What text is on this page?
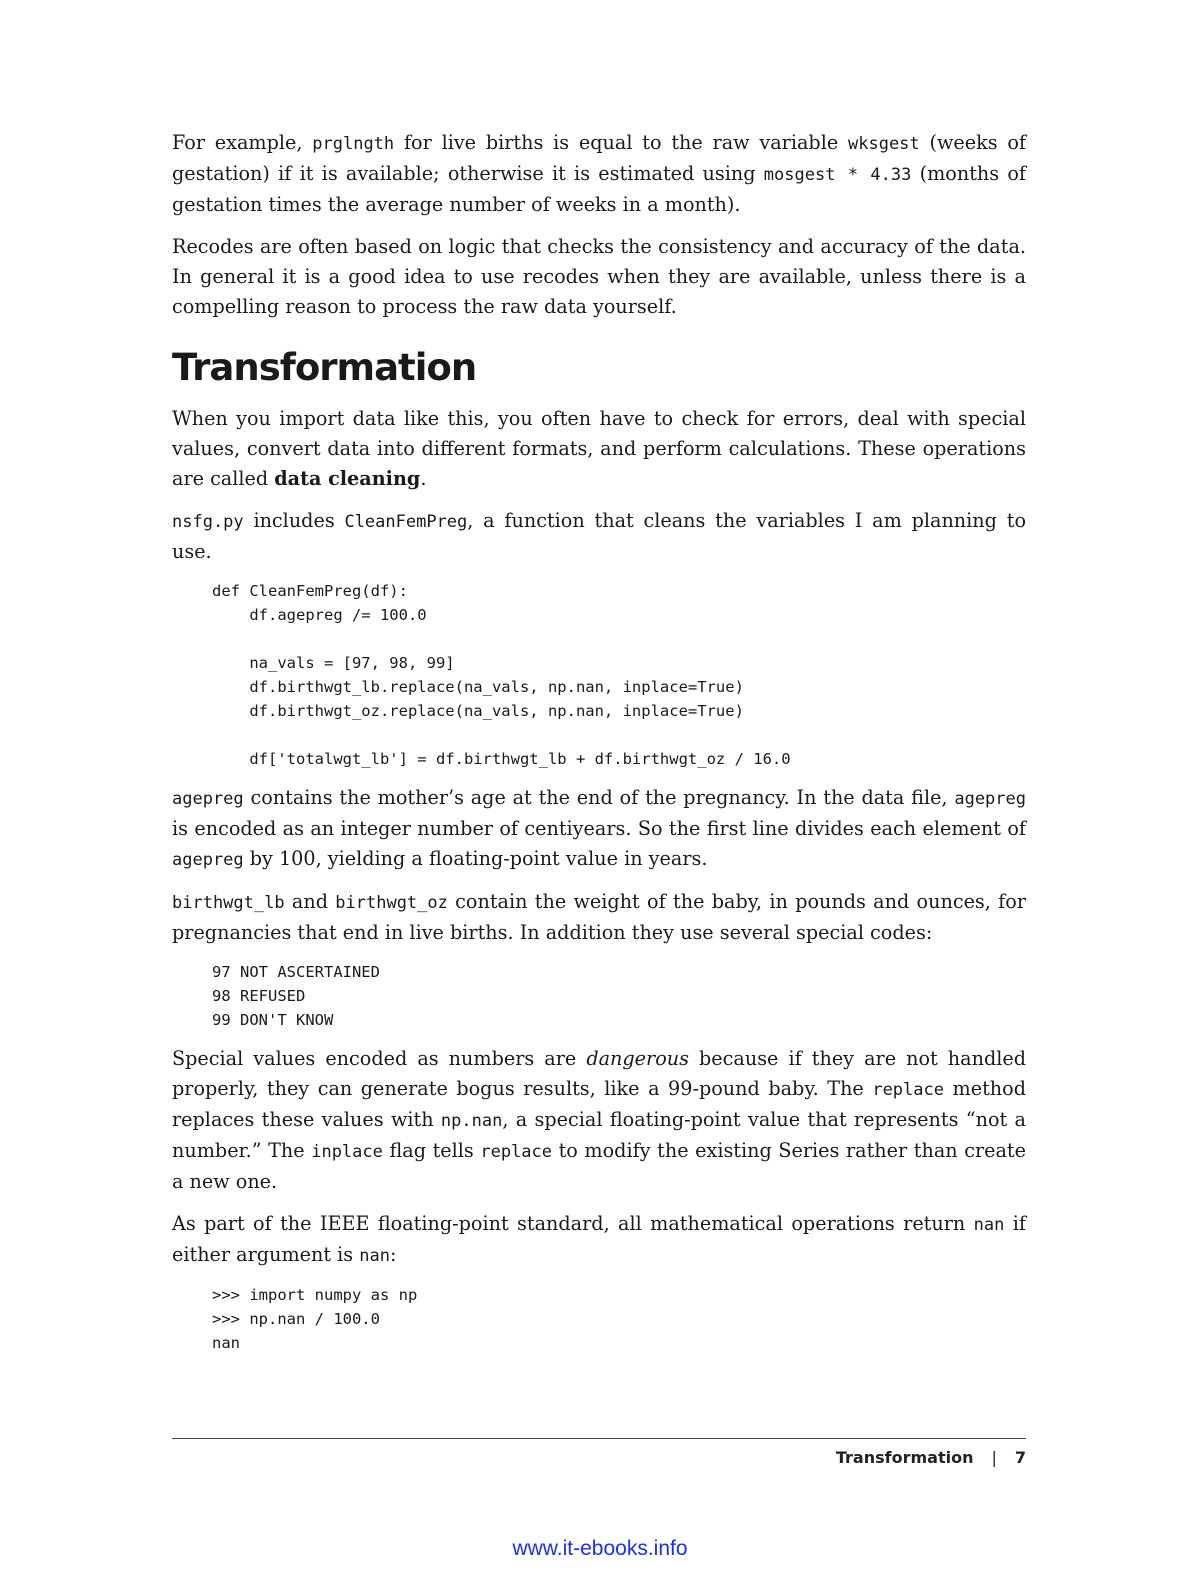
For example, prglngth for live births is equal to the raw variable wksgest (weeks of gestation) if it is available; otherwise it is estimated using mosgest * 4.33 (months of gestation times the average number of weeks in a month).

Recodes are often based on logic that checks the consistency and accuracy of the data. In general it is a good idea to use recodes when they are available, unless there is a compelling reason to process the raw data yourself.

Transformation

When you import data like this, you often have to check for errors, deal with special values, convert data into different formats, and perform calculations. These operations are called data cleaning.

nsfg.py includes CleanFemPreg, a function that cleans the variables I am planning to use.

def CleanFemPreg(df):
df.agepreg /= 100.0
na_vals = [97, 98, 99]
df.birthwgt_lb.replace(na_vals, np.nan, inplace=True)
df.birthwgt_oz.replace(na_vals, np.nan, inplace=True)
df['totalwgt_lb'] = df.birthwgt_lb + df.birthwgt_oz / 16.0

agepreg contains the mother’s age at the end of the pregnancy. In the data file, agepreg is encoded as an integer number of centiyears. So the first line divides each element of agepreg by 100, yielding a floating-point value in years.

birthwgt_lb and birthwgt_oz contain the weight of the baby, in pounds and ounces, for pregnancies that end in live births. In addition they use several special codes:

97 NOT ASCERTAINED
98 REFUSED
99 DON'T KNOW

Special values encoded as numbers are dangerous because if they are not handled properly, they can generate bogus results, like a 99-pound baby. The replace method replaces these values with np.nan, a special floating-point value that represents “not a number.” The inplace flag tells replace to modify the existing Series rather than create a new one.

As part of the IEEE floating-point standard, all mathematical operations return nan if either argument is nan:

>>> import numpy as np
>>> np.nan / 100.0
nan
Transformation | 7
www.it-ebooks.info
